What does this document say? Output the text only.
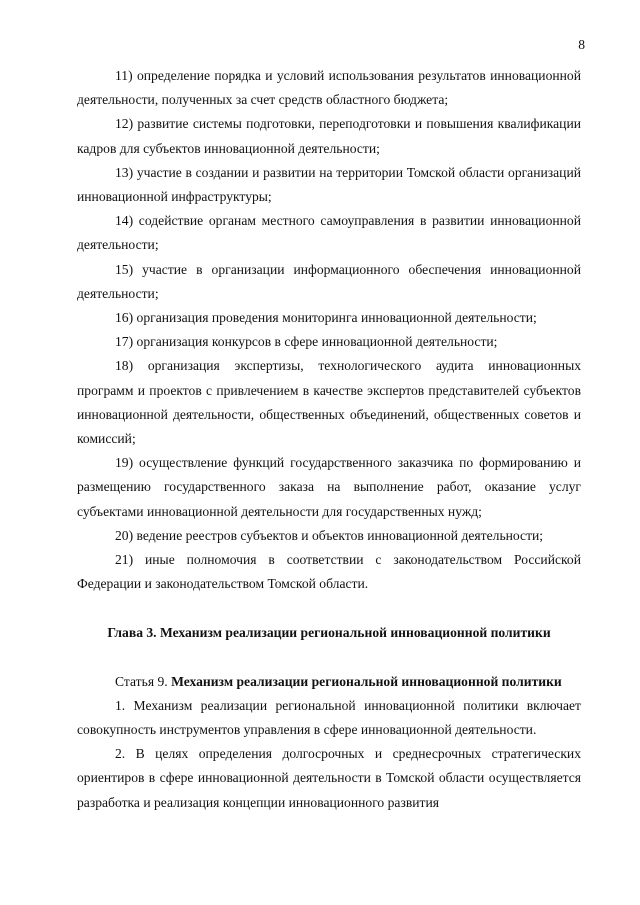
8

11) определение порядка и условий использования результатов инновационной деятельности, полученных за счет средств областного бюджета;

12) развитие системы подготовки, переподготовки и повышения квалификации кадров для субъектов инновационной деятельности;

13) участие в создании и развитии на территории Томской области организаций инновационной инфраструктуры;

14) содействие органам местного самоуправления в развитии инновационной деятельности;

15) участие в организации информационного обеспечения инновационной деятельности;

16) организация проведения мониторинга инновационной деятельности;

17) организация конкурсов в сфере инновационной деятельности;

18) организация экспертизы, технологического аудита инновационных программ и проектов с привлечением в качестве экспертов представителей субъектов инновационной деятельности, общественных объединений, общественных советов и комиссий;

19) осуществление функций государственного заказчика по формированию и размещению государственного заказа на выполнение работ, оказание услуг субъектами инновационной деятельности для государственных нужд;

20) ведение реестров субъектов и объектов инновационной деятельности;

21) иные полномочия в соответствии с законодательством Российской Федерации и законодательством Томской области.

Глава 3. Механизм реализации региональной инновационной политики

Статья 9. Механизм реализации региональной инновационной политики

1. Механизм реализации региональной инновационной политики включает совокупность инструментов управления в сфере инновационной деятельности.

2. В целях определения долгосрочных и среднесрочных стратегических ориентиров в сфере инновационной деятельности в Томской области осуществляется разработка и реализация концепции инновационного развития
